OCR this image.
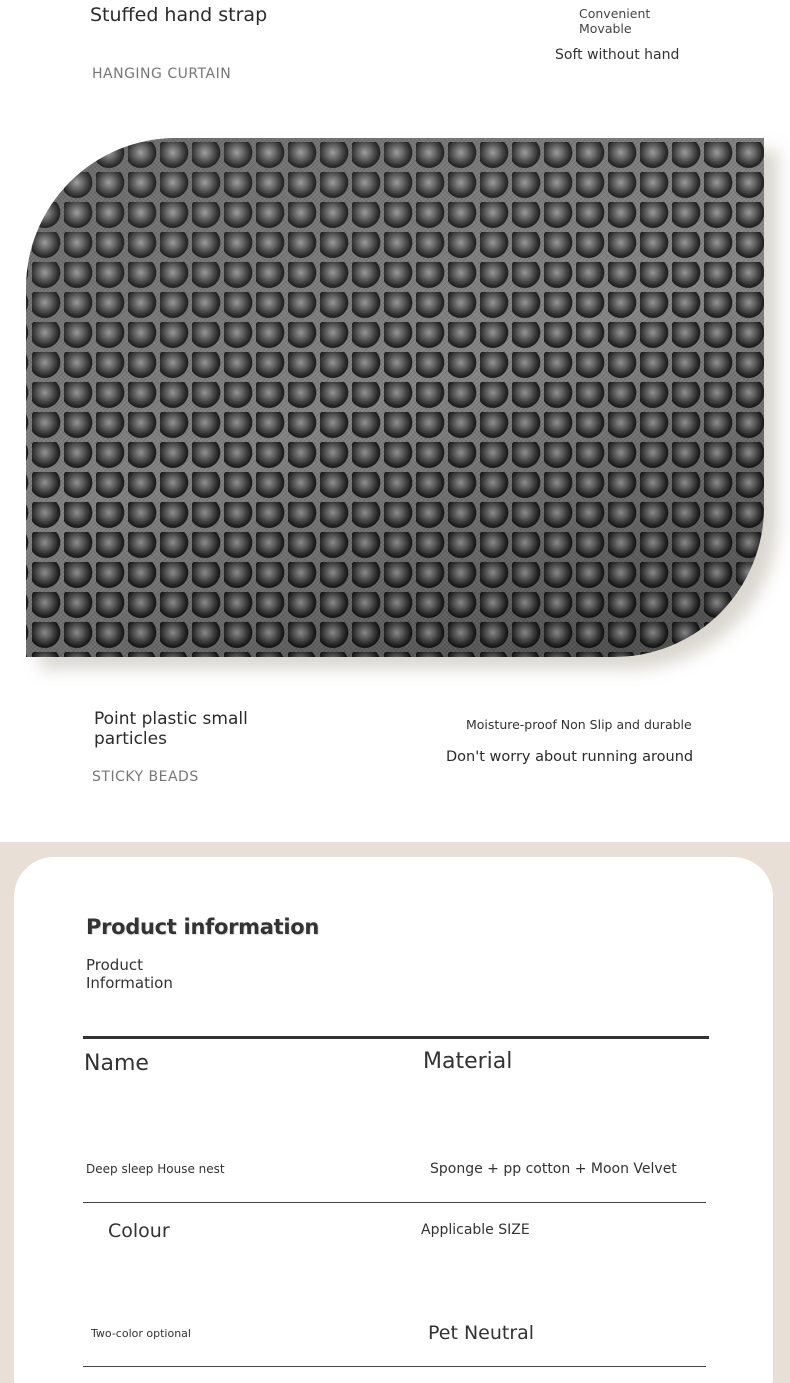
Stuffed hand strap
HANGING CURTAIN
Convenient Movable
Soft without hand
Point plastic small particles
STICKY BEADS
Moisture-proof Non Slip and durable
Don't worry about running around
Product information
Product Information
Name	Material
Deep sleep House nest	Sponge + pp cotton + Moon Velvet
Colour	Applicable SIZE
Two-color optional	Pet Neutral
